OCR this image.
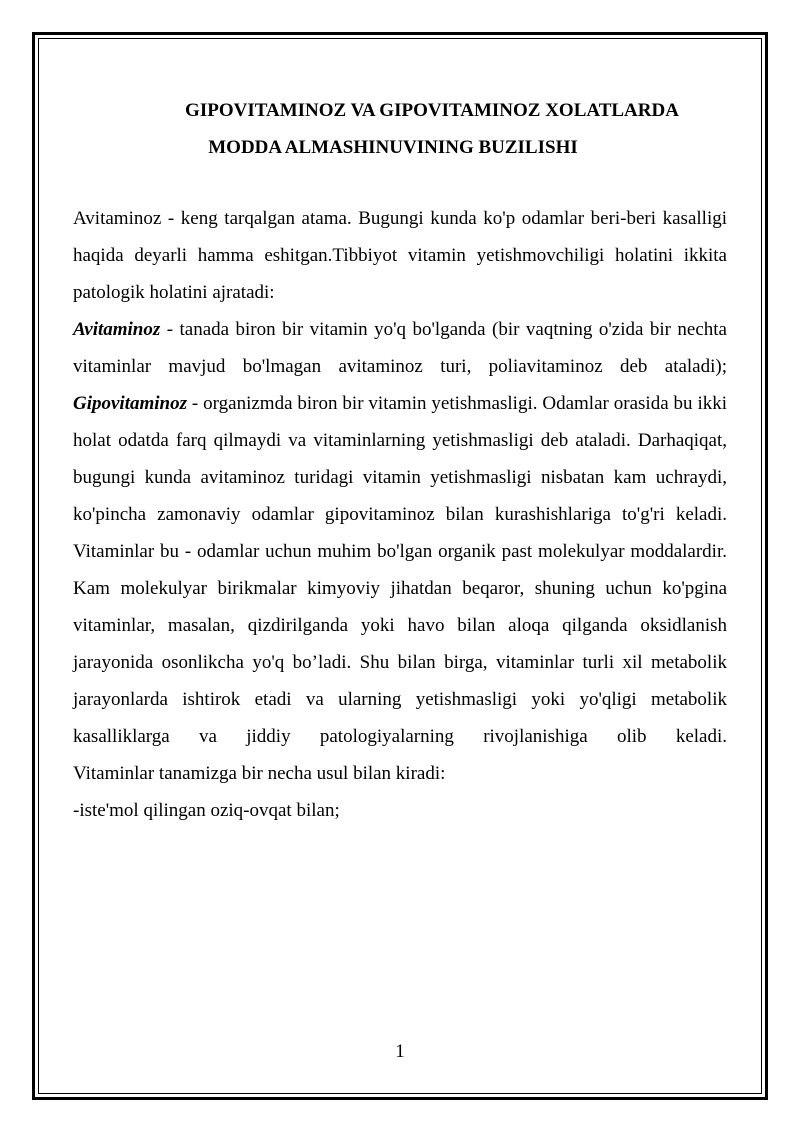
GIPOVITAMINOZ VA GIPOVITAMINOZ XOLATLARDA
MODDA ALMASHINUVINING BUZILISHI

Avitaminoz - keng tarqalgan atama. Bugungi kunda ko'p odamlar beri-beri kasalligi haqida deyarli hamma eshitgan.Tibbiyot vitamin yetishmovchiligi holatini ikkita patologik holatini ajratadi:

Avitaminoz - tanada biron bir vitamin yo'q bo'lganda (bir vaqtning o'zida bir nechta vitaminlar mavjud bo'lmagan avitaminoz turi, poliavitaminoz deb ataladi);

Gipovitaminoz - organizmda biron bir vitamin yetishmasligi. Odamlar orasida bu ikki holat odatda farq qilmaydi va vitaminlarning yetishmasligi deb ataladi. Darhaqiqat, bugungi kunda avitaminoz turidagi vitamin yetishmasligi nisbatan kam uchraydi, ko'pincha zamonaviy odamlar gipovitaminoz bilan kurashishlariga to'g'ri keladi.

Vitaminlar bu - odamlar uchun muhim bo'lgan organik past molekulyar moddalardir. Kam molekulyar birikmalar kimyoviy jihatdan beqaror, shuning uchun ko'pgina vitaminlar, masalan, qizdirilganda yoki havo bilan aloqa qilganda oksidlanish jarayonida osonlikcha yo'q bo’ladi. Shu bilan birga, vitaminlar turli xil metabolik jarayonlarda ishtirok etadi va ularning yetishmasligi yoki yo'qligi metabolik kasalliklarga va jiddiy patologiyalarning rivojlanishiga olib keladi.

Vitaminlar tanamizga bir necha usul bilan kiradi:

-iste'mol qilingan oziq-ovqat bilan;

1
